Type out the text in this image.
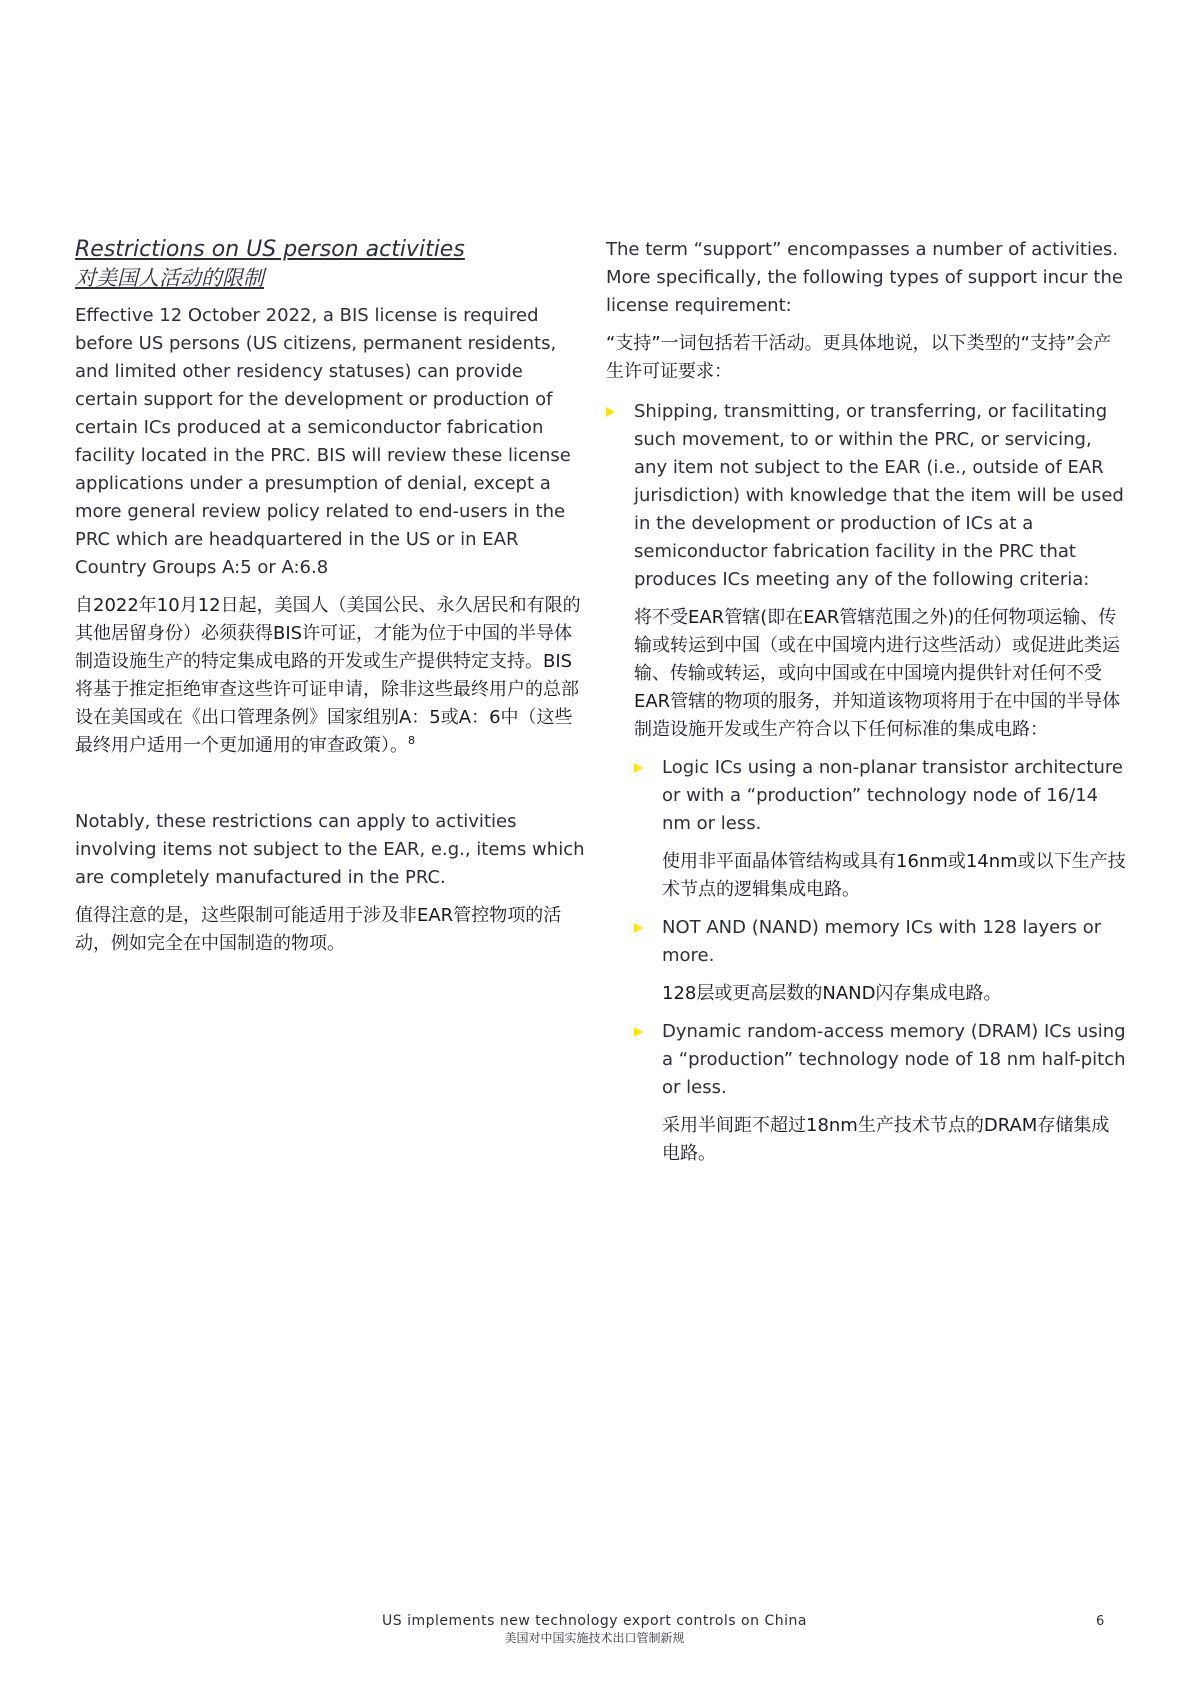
Restrictions on US person activities
对美国人活动的限制

Effective 12 October 2022, a BIS license is required before US persons (US citizens, permanent residents, and limited other residency statuses) can provide certain support for the development or production of certain ICs produced at a semiconductor fabrication facility located in the PRC. BIS will review these license applications under a presumption of denial, except a more general review policy related to end-users in the PRC which are headquartered in the US or in EAR Country Groups A:5 or A:6.8

自2022年10月12日起，美国人（美国公民、永久居民和有限的其他居留身份）必须获得BIS许可证，才能为位于中国的半导体制造设施生产的特定集成电路的开发或生产提供特定支持。BIS将基于推定拒绝审查这些许可证申请，除非这些最终用户的总部设在美国或在《出口管理条例》国家组别A：5或A：6中（这些最终用户适用一个更加通用的审查政策）。$^8$

Notably, these restrictions can apply to activities involving items not subject to the EAR, e.g., items which are completely manufactured in the PRC.

值得注意的是，这些限制可能适用于涉及非EAR管控物项的活动，例如完全在中国制造的物项。

The term “support” encompasses a number of activities. More specifically, the following types of support incur the license requirement:

“支持”一词包括若干活动。更具体地说，以下类型的“支持”会产生许可证要求：

Shipping, transmitting, or transferring, or facilitating such movement, to or within the PRC, or servicing, any item not subject to the EAR (i.e., outside of EAR jurisdiction) with knowledge that the item will be used in the development or production of ICs at a semiconductor fabrication facility in the PRC that produces ICs meeting any of the following criteria:

将不受EAR管辖(即在EAR管辖范围之外)的任何物项运输、传输或转运到中国（或在中国境内进行这些活动）或促进此类运输、传输或转运，或向中国或在中国境内提供针对任何不受EAR管辖的物项的服务，并知道该物项将用于在中国的半导体制造设施开发或生产符合以下任何标准的集成电路：

Logic ICs using a non-planar transistor architecture or with a “production” technology node of 16/14 nm or less.

使用非平面晶体管结构或具有16nm或14nm或以下生产技术节点的逻辑集成电路。

NOT AND (NAND) memory ICs with 128 layers or more.

128层或更高层数的NAND闪存集成电路。

Dynamic random-access memory (DRAM) ICs using a “production” technology node of 18 nm half-pitch or less.

采用半间距不超过18nm生产技术节点的DRAM存储集成电路。

US implements new technology export controls on China
美国对中国实施技术出口管制新规
6
